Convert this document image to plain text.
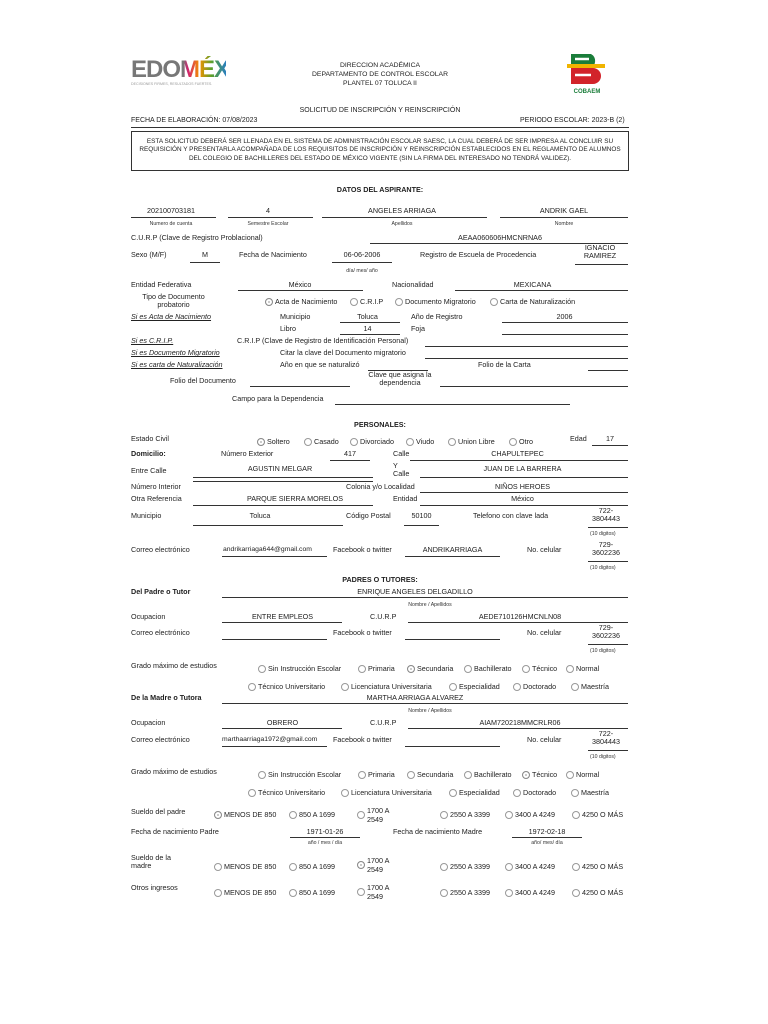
EDOMÉX
DECISIONES FIRMES, RESULTADOS FUERTES.
DIRECCION ACADÉMICA
DEPARTAMENTO DE CONTROL ESCOLAR
PLANTEL 07 TOLUCA II
COBAEM
SOLICITUD DE INSCRIPCIÓN Y REINSCRIPCIÓN
FECHA DE ELABORACIÓN: 07/08/2023	PERIODO ESCOLAR: 2023-B (2)
ESTA SOLICITUD DEBERÁ SER LLENADA EN EL SISTEMA DE ADMINISTRACIÓN ESCOLAR SAESC, LA CUAL DEBERÁ DE SER IMPRESA AL CONCLUIR SU REQUISICIÓN Y PRESENTARLA ACOMPAÑADA DE LOS REQUISITOS DE INSCRIPCIÓN Y REINSCRIPCIÓN ESTABLECIDOS EN EL REGLAMENTO DE ALUMNOS DEL COLEGIO DE BACHILLERES DEL ESTADO DE MÉXICO VIGENTE (SIN LA FIRMA DEL INTERESADO NO TENDRÁ VALIDEZ).
DATOS DEL ASPIRANTE:
202100703181	4	ANGELES ARRIAGA	ANDRIK GAEL
Numero de cuenta	Semestre Escolar	Apellidos	Nombre
C.U.R.P (Clave de Registro Problacional)	AEAA060606HMCNRNA6
Sexo (M/F)	M	Fecha de Nacimiento	06-06-2006
día/ mes/ año
Registro de Escuela de Procedencia
IGNACIO RAMIREZ
Entidad Federativa	México	Nacionalidad	MEXICANA
Tipo de Documento probatorio	Acta de Nacimiento	C.R.I.P	Documento Migratorio	Carta de Naturalización
Si es Acta de Nacimiento	Municipio	Toluca	Año de Registro	2006
Libro	14	Foja
Si es C.R.I.P.	C.R.I.P (Clave de Registro de Identificación Personal)
Si es Documento Migratorio	Citar la clave del Documento migratorio
Si es carta de Naturalización	Año en que se naturalizó	Folio de la Carta
Folio del Documento
Clave que asigna la dependencia
Campo para la Dependencia
PERSONALES:
Estado Civil	Soltero	Casado	Divorciado	Viudo	Union Libre	Otro	Edad	17
Domicilio:	Número Exterior	417	Calle	CHAPULTEPEC
Entre Calle	AGUSTIN MELGAR	Y Calle
JUAN DE LA BARRERA
Número Interior	Colonia y/o Localidad	NIÑOS HEROES
Otra Referencia	PARQUE SIERRA MORELOS	Entidad	México
Municipio	Toluca	Código Postal	50100	Telefono con clave lada
722-3804443
(10 digitos)
Correo electrónico	andrikarriaga644@gmail.com	Facebook o twitter	ANDRIKARRIAGA	No. celular
729-3602236
(10 digitos)
PADRES O TUTORES:
Del Padre o Tutor	ENRIQUE ANGELES DELGADILLO
Nombre / Apellidos
Ocupacion	ENTRE EMPLEOS	C.U.R.P	AEDE710126HMCNLN08
Correo electrónico	Facebook o twitter	No. celular
729-3602236
(10 digitos)
Grado máximo de estudios	Sin Instrucción Escolar	Primaria	Secundaria	Bachillerato	Técnico	Normal
Técnico Universitario	Licenciatura Universitaria	Especialidad	Doctorado	Maestría
De la Madre o Tutora	MARTHA ARRIAGA ALVAREZ
Nombre / Apellidos
Ocupacion	OBRERO	C.U.R.P	AIAM720218MMCRLR06
Correo electrónico	marthaarriaga1972@gmail.com Facebook o twitter	No. celular
722-3804443
(10 digitos)
Grado máximo de estudios	Sin Instrucción Escolar	Primaria	Secundaria	Bachillerato	Técnico	Normal
Técnico Universitario	Licenciatura Universitaria	Especialidad	Doctorado	Maestría
Sueldo del padre	MENOS DE 850	850 A 1699	1700 A 2549
2550 A 3399	3400 A 4249	4250 O MÁS
Fecha de nacimiento Padre	1971-01-26
año / mes / día
Fecha de nacimiento Madre	1972-02-18
año/ mes/ día
Sueldo de la madre	MENOS DE 850	850 A 1699
1700 A 2549	2550 A 3399	3400 A 4249	4250 O MÁS
Otros ingresos
MENOS DE 850	850 A 1699
1700 A 2549	2550 A 3399	3400 A 4249	4250 O MÁS
